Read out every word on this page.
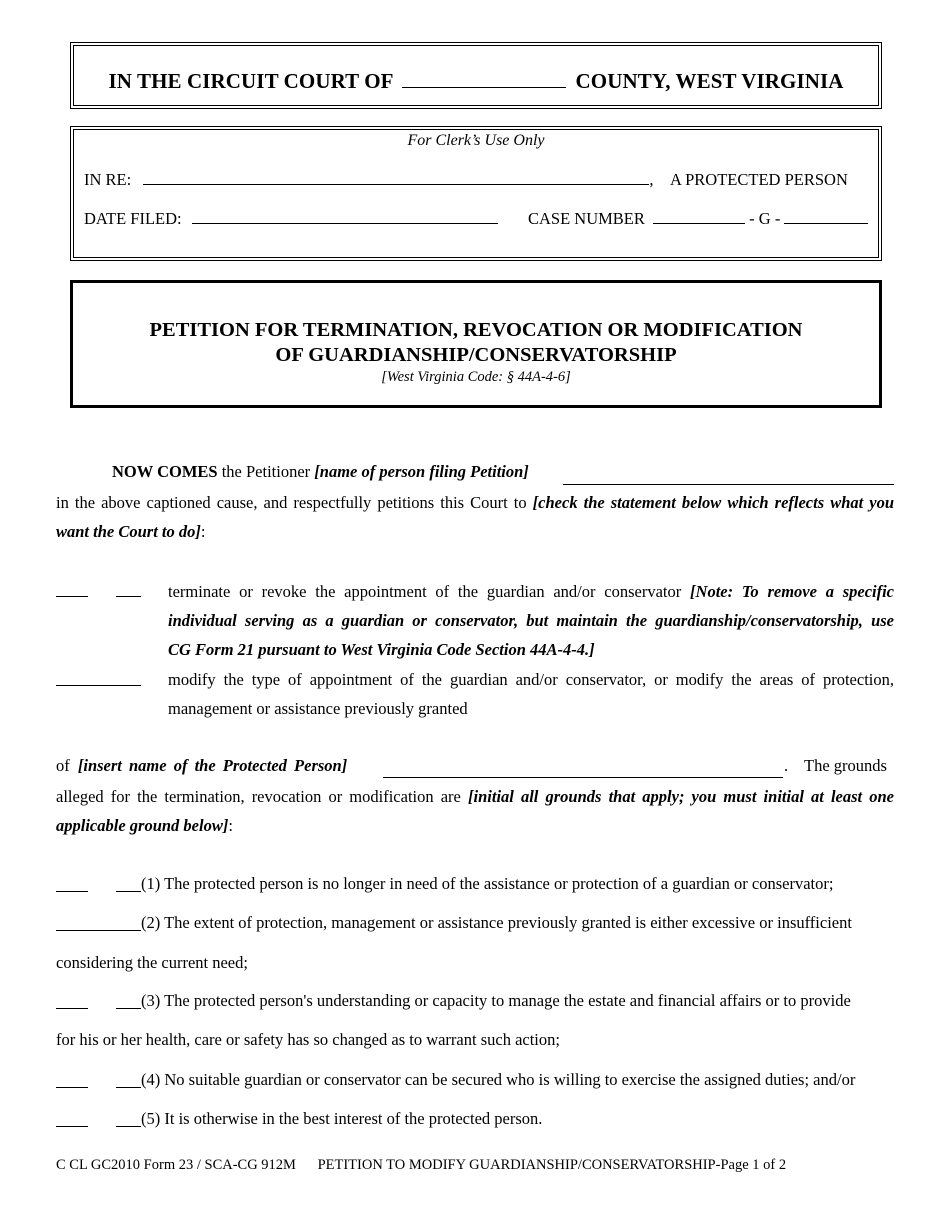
IN THE CIRCUIT COURT OF	COUNTY, WEST VIRGINIA
For Clerk’s Use Only
IN RE:	, A PROTECTED PERSON
DATE FILED:	CASE NUMBER	- G -
PETITION FOR TERMINATION, REVOCATION OR MODIFICATION
OF GUARDIANSHIP/CONSERVATORSHIP
[West Virginia Code: § 44A-4-6]
NOW COMES the Petitioner [name of person filing Petition]
in the above captioned cause, and respectfully petitions this Court to [check the statement below which reflects what you
want the Court to do]:
terminate or revoke the appointment of the guardian and/or conservator [Note: To remove a specific
individual serving as a guardian or conservator, but maintain the guardianship/conservatorship, use
CG Form 21 pursuant to West Virginia Code Section 44A-4-4.]
modify the type of appointment of the guardian and/or conservator, or modify the areas of protection,
management or assistance previously granted
of [insert name of the Protected Person]	. The grounds
alleged for the termination, revocation or modification are [initial all grounds that apply; you must initial at least one
applicable ground below]:
(1) The protected person is no longer in need of the assistance or protection of a guardian or conservator;
(2) The extent of protection, management or assistance previously granted is either excessive or insufficient
considering the current need;
(3) The protected person's understanding or capacity to manage the estate and financial affairs or to provide
for his or her health, care or safety has so changed as to warrant such action;
(4) No suitable guardian or conservator can be secured who is willing to exercise the assigned duties; and/or
(5) It is otherwise in the best interest of the protected person.
C CL GC2010 Form 23 / SCA-CG 912M PETITION TO MODIFY GUARDIANSHIP/CONSERVATORSHIP-Page 1 of 2
